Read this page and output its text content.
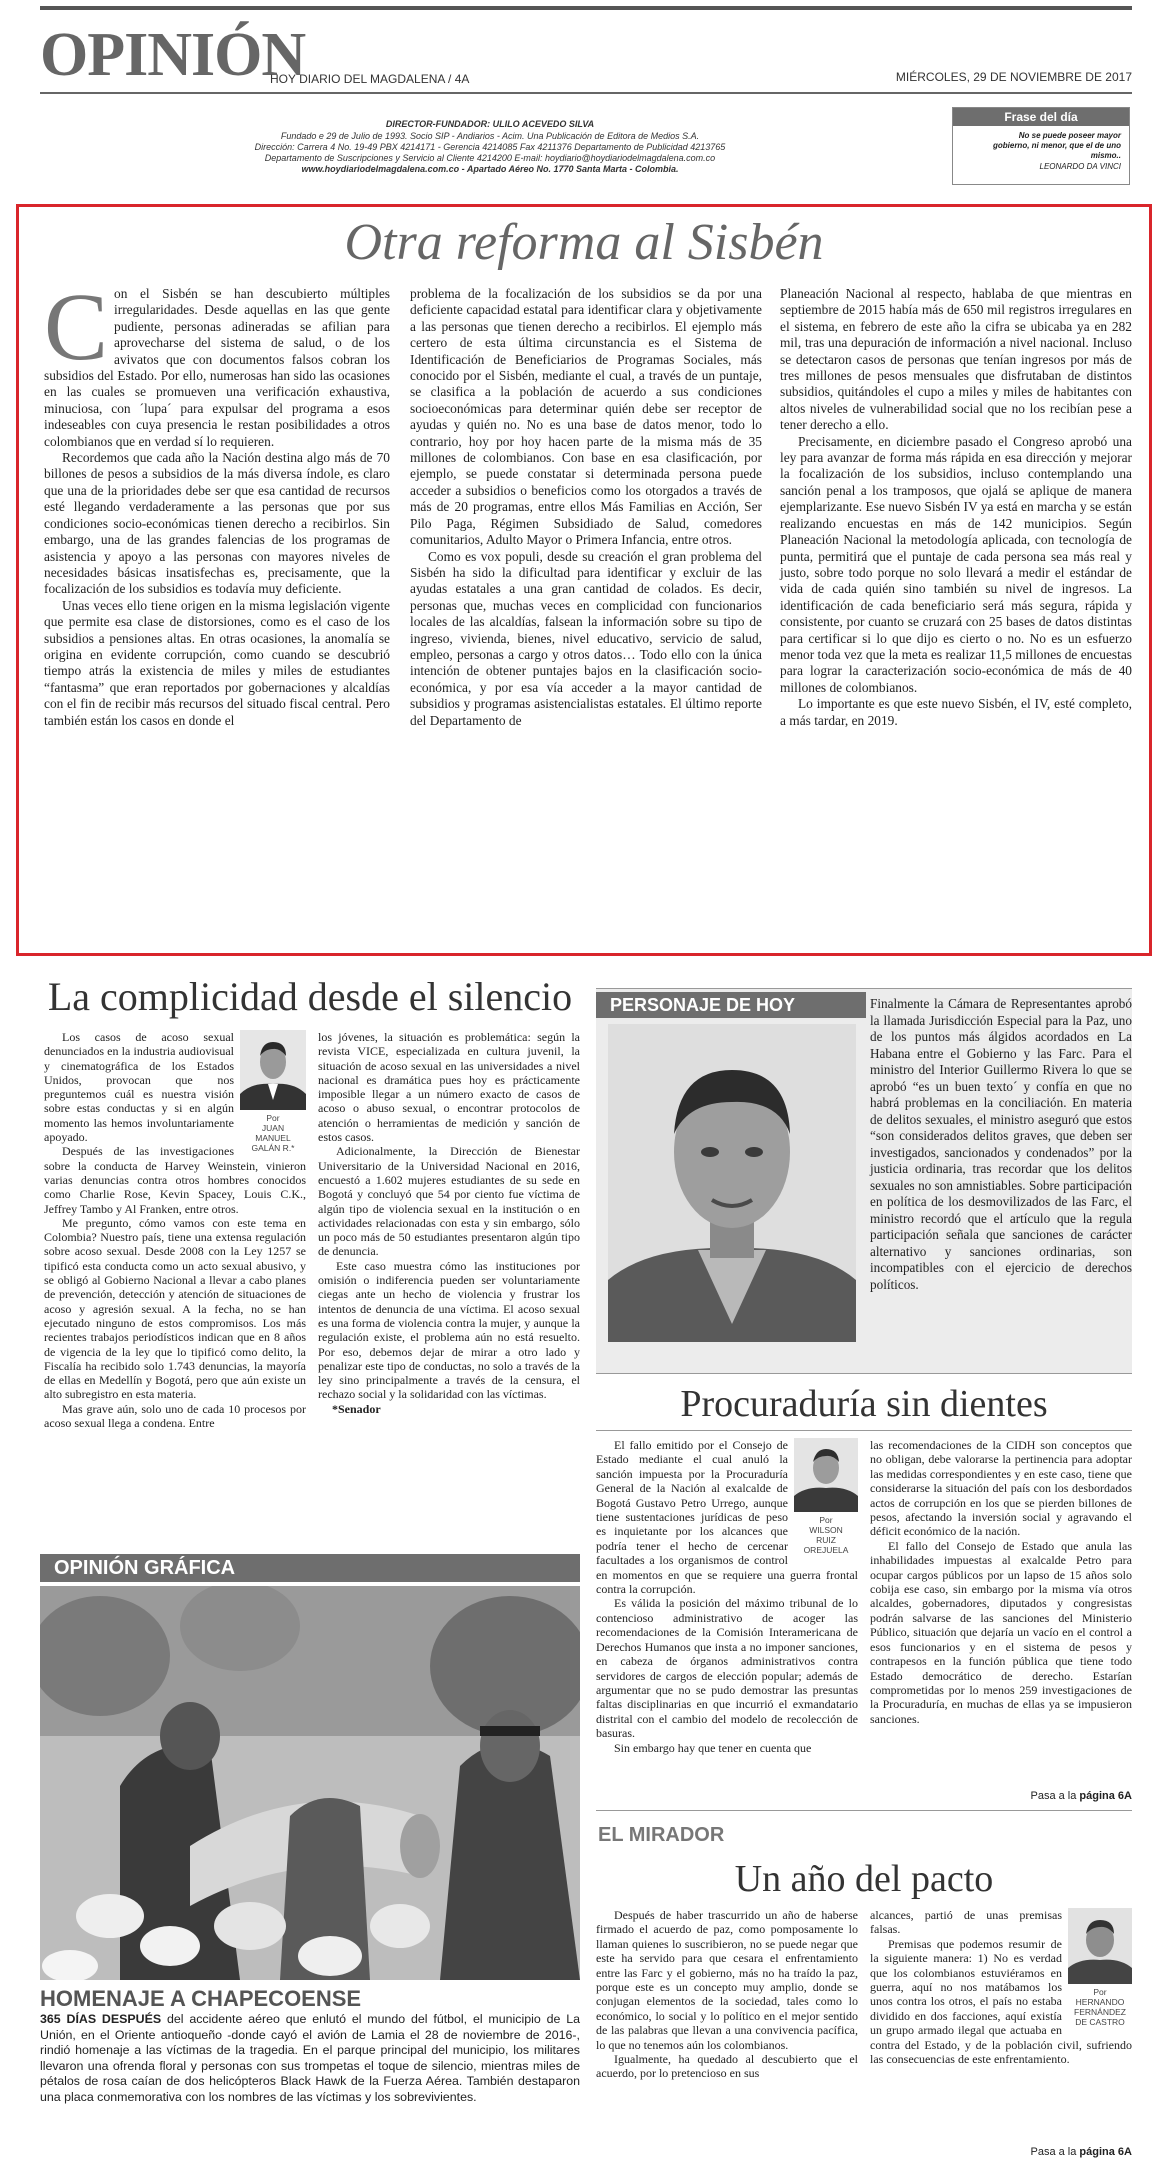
OPINIÓN
HOY DIARIO DEL MAGDALENA / 4A	MIÉRCOLES, 29 DE NOVIEMBRE DE 2017
DIRECTOR-FUNDADOR: ULILO ACEVEDO SILVA
Fundado e 29 de Julio de 1993. Socio SIP - Andiarios - Acim. Una Publicación de Editora de Medios S.A.
Dirección: Carrera 4 No. 19-49 PBX 4214171 - Gerencia 4214085 Fax 4211376 Departamento de Publicidad 4213765
Departamento de Suscripciones y Servicio al Cliente 4214200 E-mail: hoydiario@hoydiariodelmagdalena.com.co
www.hoydiariodelmagdalena.com.co - Apartado Aéreo No. 1770 Santa Marta - Colombia.
Frase del día
No se puede poseer mayor gobierno, ni menor, que el de uno mismo..
LEONARDO DA VINCI
Otra reforma al Sisbén
C on el Sisbén se han descubierto múltiples irregularidades. Desde aquellas en las que gente pudiente, personas adineradas se afilian para aprovecharse del sistema de salud, o de los avivatos que con documentos falsos cobran los subsidios del Estado. Por ello, numerosas han sido las ocasiones en las cuales se promueven una verificación exhaustiva, minuciosa, con ´lupa´ para expulsar del programa a esos indeseables con cuya presencia le restan posibilidades a otros colombianos que en verdad sí lo requieren.

Recordemos que cada año la Nación destina algo más de 70 billones de pesos a subsidios de la más diversa índole, es claro que una de la prioridades debe ser que esa cantidad de recursos esté llegando verdaderamente a las personas que por sus condiciones socio-económicas tienen derecho a recibirlos. Sin embargo, una de las grandes falencias de los programas de asistencia y apoyo a las personas con mayores niveles de necesidades básicas insatisfechas es, precisamente, que la focalización de los subsidios es todavía muy deficiente.

Unas veces ello tiene origen en la misma legislación vigente que permite esa clase de distorsiones, como es el caso de los subsidios a pensiones altas. En otras ocasiones, la anomalía se origina en evidente corrupción, como cuando se descubrió tiempo atrás la existencia de miles y miles de estudiantes “fantasma” que eran reportados por gobernaciones y alcaldías con el fin de recibir más recursos del situado fiscal central. Pero también están los casos en donde el

problema de la focalización de los subsidios se da por una deficiente capacidad estatal para identificar clara y objetivamente a las personas que tienen derecho a recibirlos. El ejemplo más certero de esta última circunstancia es el Sistema de Identificación de Beneficiarios de Programas Sociales, más conocido por el Sisbén, mediante el cual, a través de un puntaje, se clasifica a la población de acuerdo a sus condiciones socioeconómicas para determinar quién debe ser receptor de ayudas y quién no. No es una base de datos menor, todo lo contrario, hoy por hoy hacen parte de la misma más de 35 millones de colombianos. Con base en esa clasificación, por ejemplo, se puede constatar si determinada persona puede acceder a subsidios o beneficios como los otorgados a través de más de 20 programas, entre ellos Más Familias en Acción, Ser Pilo Paga, Régimen Subsidiado de Salud, comedores comunitarios, Adulto Mayor o Primera Infancia, entre otros.

Como es vox populi, desde su creación el gran problema del Sisbén ha sido la dificultad para identificar y excluir de las ayudas estatales a una gran cantidad de colados. Es decir, personas que, muchas veces en complicidad con funcionarios locales de las alcaldías, falsean la información sobre su tipo de ingreso, vivienda, bienes, nivel educativo, servicio de salud, empleo, personas a cargo y otros datos… Todo ello con la única intención de obtener puntajes bajos en la clasificación socio-económica, y por esa vía acceder a la mayor cantidad de subsidios y programas asistencialistas estatales. El último reporte del Departamento de

Planeación Nacional al respecto, hablaba de que mientras en septiembre de 2015 había más de 650 mil registros irregulares en el sistema, en febrero de este año la cifra se ubicaba ya en 282 mil, tras una depuración de información a nivel nacional. Incluso se detectaron casos de personas que tenían ingresos por más de tres millones de pesos mensuales que disfrutaban de distintos subsidios, quitándoles el cupo a miles y miles de habitantes con altos niveles de vulnerabilidad social que no los recibían pese a tener derecho a ello.

Precisamente, en diciembre pasado el Congreso aprobó una ley para avanzar de forma más rápida en esa dirección y mejorar la focalización de los subsidios, incluso contemplando una sanción penal a los tramposos, que ojalá se aplique de manera ejemplarizante. Ese nuevo Sisbén IV ya está en marcha y se están realizando encuestas en más de 142 municipios. Según Planeación Nacional la metodología aplicada, con tecnología de punta, permitirá que el puntaje de cada persona sea más real y justo, sobre todo porque no solo llevará a medir el estándar de vida de cada quién sino también su nivel de ingresos. La identificación de cada beneficiario será más segura, rápida y consistente, por cuanto se cruzará con 25 bases de datos distintas para certificar si lo que dijo es cierto o no. No es un esfuerzo menor toda vez que la meta es realizar 11,5 millones de encuestas para lograr la caracterización socio-económica de más de 40 millones de colombianos.

Lo importante es que este nuevo Sisbén, el IV, esté completo, a más tardar, en 2019.

La complicidad desde el silencio
Por
JUAN
MANUEL
GALÁN R.*

Los casos de acoso sexual denunciados en la industria audiovisual y cinematográfica de los Estados Unidos, provocan que nos preguntemos cuál es nuestra visión sobre estas conductas y si en algún momento las hemos involuntariamente apoyado.

Después de las investigaciones sobre la conducta de Harvey Weinstein, vinieron varias denuncias contra otros hombres conocidos como Charlie Rose, Kevin Spacey, Louis C.K., Jeffrey Tambo y Al Franken, entre otros.

Me pregunto, cómo vamos con este tema en Colombia? Nuestro país, tiene una extensa regulación sobre acoso sexual. Desde 2008 con la Ley 1257 se tipificó esta conducta como un acto sexual abusivo, y se obligó al Gobierno Nacional a llevar a cabo planes de prevención, detección y atención de situaciones de acoso y agresión sexual. A la fecha, no se han ejecutado ninguno de estos compromisos. Los más recientes trabajos periodísticos indican que en 8 años de vigencia de la ley que lo tipificó como delito, la Fiscalía ha recibido solo 1.743 denuncias, la mayoría de ellas en Medellín y Bogotá, pero que aún existe un alto subregistro en esta materia.

Mas grave aún, solo uno de cada 10 procesos por acoso sexual llega a condena. Entre

los jóvenes, la situación es problemática: según la revista VICE, especializada en cultura juvenil, la situación de acoso sexual en las universidades a nivel nacional es dramática pues hoy es prácticamente imposible llegar a un número exacto de casos de acoso o abuso sexual, o encontrar protocolos de atención o herramientas de medición y sanción de estos casos.

Adicionalmente, la Dirección de Bienestar Universitario de la Universidad Nacional en 2016, encuestó a 1.602 mujeres estudiantes de su sede en Bogotá y concluyó que 54 por ciento fue víctima de algún tipo de violencia sexual en la institución o en actividades relacionadas con esta y sin embargo, sólo un poco más de 50 estudiantes presentaron algún tipo de denuncia.

Este caso muestra cómo las instituciones por omisión o indiferencia pueden ser voluntariamente ciegas ante un hecho de violencia y frustrar los intentos de denuncia de una víctima. El acoso sexual es una forma de violencia contra la mujer, y aunque la regulación existe, el problema aún no está resuelto. Por eso, debemos dejar de mirar a otro lado y penalizar este tipo de conductas, no solo a través de la ley sino principalmente a través de la censura, el rechazo social y la solidaridad con las víctimas.

*Senador

PERSONAJE DE HOY	Finalmente la Cámara de Representantes aprobó la llamada Jurisdicción Especial para la Paz, uno de los puntos más álgidos acordados en La Habana entre el Gobierno y las Farc. Para el ministro del Interior Guillermo Rivera lo que se aprobó “es un buen texto´ y confía en que no habrá problemas en la conciliación. En materia de delitos sexuales, el ministro aseguró que estos “son considerados delitos graves, que deben ser investigados, sancionados y condenados” por la justicia ordinaria, tras recordar que los delitos sexuales no son amnistiables. Sobre participación en política de los desmovilizados de las Farc, el ministro recordó que el artículo que la regula participación señala que sanciones de carácter alternativo y sanciones ordinarias, son incompatibles con el ejercicio de derechos políticos.
OPINIÓN GRÁFICA
HOMENAJE A CHAPECOENSE
365 DÍAS DESPUÉS del accidente aéreo que enlutó el mundo del fútbol, el municipio de La Unión, en el Oriente antioqueño -donde cayó el avión de Lamia el 28 de noviembre de 2016-, rindió homenaje a las víctimas de la tragedia. En el parque principal del municipio, los militares llevaron una ofrenda floral y personas con sus trompetas el toque de silencio, mientras miles de pétalos de rosa caían de dos helicópteros Black Hawk de la Fuerza Aérea. También destaparon una placa conmemorativa con los nombres de las víctimas y los sobrevivientes.
Procuraduría sin dientes
Por
WILSON
RUIZ
OREJUELA

El fallo emitido por el Consejo de Estado mediante el cual anuló la sanción impuesta por la Procuraduría General de la Nación al exalcalde de Bogotá Gustavo Petro Urrego, aunque tiene sustentaciones jurídicas de peso es inquietante por los alcances que podría tener el hecho de cercenar facultades a los organismos de control en momentos en que se requiere una guerra frontal contra la corrupción.

Es válida la posición del máximo tribunal de lo contencioso administrativo de acoger las recomendaciones de la Comisión Interamericana de Derechos Humanos que insta a no imponer sanciones, en cabeza de órganos administrativos contra servidores de cargos de elección popular; además de argumentar que no se pudo demostrar las presuntas faltas disciplinarias en que incurrió el exmandatario distrital con el cambio del modelo de recolección de basuras.

Sin embargo hay que tener en cuenta que

las recomendaciones de la CIDH son conceptos que no obligan, debe valorarse la pertinencia para adoptar las medidas correspondientes y en este caso, tiene que considerarse la situación del país con los desbordados actos de corrupción en los que se pierden billones de pesos, afectando la inversión social y agravando el déficit económico de la nación.

El fallo del Consejo de Estado que anula las inhabilidades impuestas al exalcalde Petro para ocupar cargos públicos por un lapso de 15 años solo cobija ese caso, sin embargo por la misma vía otros alcaldes, gobernadores, diputados y congresistas podrán salvarse de las sanciones del Ministerio Público, situación que dejaría un vacío en el control a esos funcionarios y en el sistema de pesos y contrapesos en la función pública que tiene todo Estado democrático de derecho. Estarían comprometidas por lo menos 259 investigaciones de la Procuraduría, en muchas de ellas ya se impusieron sanciones.

Pasa a la página 6A
EL MIRADOR
Un año del pacto

Después de haber trascurrido un año de haberse firmado el acuerdo de paz, como pomposamente lo llaman quienes lo suscribieron, no se puede negar que este ha servido para que cesara el enfrentamiento entre las Farc y el gobierno, más no ha traído la paz, porque este es un concepto muy amplio, donde se conjugan elementos de la sociedad, tales como lo económico, lo social y lo político en el mejor sentido de las palabras que llevan a una convivencia pacífica, lo que no tenemos aún los colombianos.

Igualmente, ha quedado al descubierto que el acuerdo, por lo pretencioso en sus

Por
HERNANDO
FERNÁNDEZ
DE CASTRO

alcances, partió de unas premisas falsas.

Premisas que podemos resumir de la siguiente manera: 1) No es verdad que los colombianos estuviéramos en guerra, aquí no nos matábamos los unos contra los otros, el país no estaba dividido en dos facciones, aquí existía un grupo armado ilegal que actuaba en contra del Estado, y de la población civil, sufriendo las consecuencias de este enfrentamiento.

Pasa a la página 6A
